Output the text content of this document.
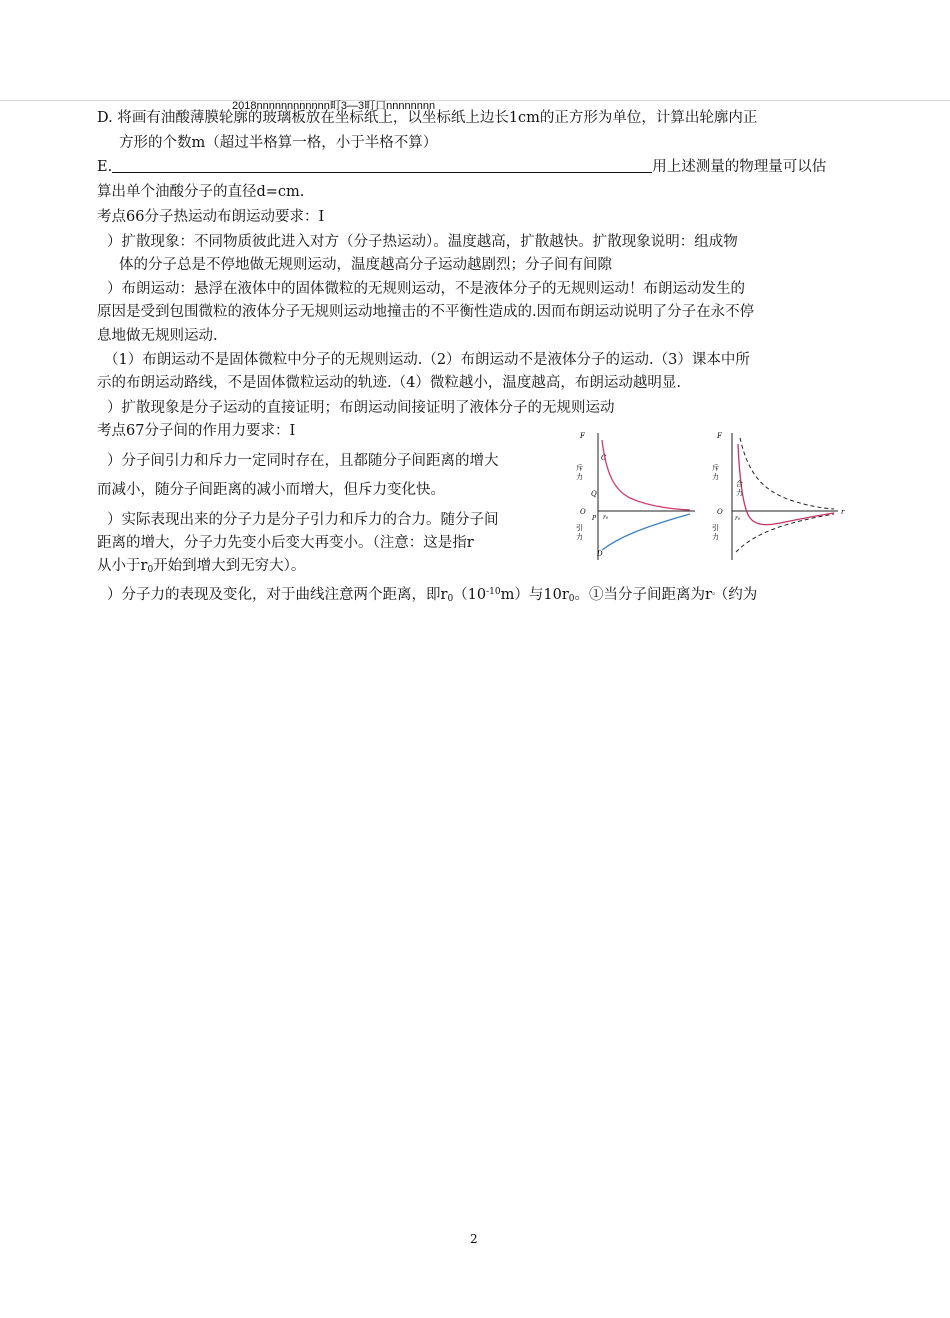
2018nnnnnnnnnnnn町3—3町口nnnnnnnn
D. 将画有油酸薄膜轮廓的玻璃板放在坐标纸上，以坐标纸上边长1cm的正方形为单位，计算出轮廓内正
方形的个数m（超过半格算一格，小于半格不算）
E.	用上述测量的物理量可以估
算出单个油酸分子的直径d=cm.
考点66分子热运动布朗运动要求：I
）扩散现象：不同物质彼此进入对方（分子热运动）。温度越高，扩散越快。扩散现象说明：组成物
体的分子总是不停地做无规则运动，温度越高分子运动越剧烈；分子间有间隙
）布朗运动：悬浮在液体中的固体微粒的无规则运动，不是液体分子的无规则运动！布朗运动发生的
原因是受到包围微粒的液体分子无规则运动地撞击的不平衡性造成的.因而布朗运动说明了分子在永不停
息地做无规则运动.
（1）布朗运动不是固体微粒中分子的无规则运动.（2）布朗运动不是液体分子的运动.（3）课本中所
示的布朗运动路线，不是固体微粒运动的轨迹.（4）微粒越小，温度越高，布朗运动越明显.
）扩散现象是分子运动的直接证明；布朗运动间接证明了液体分子的无规则运动
考点67分子间的作用力要求：I
）分子间引力和斥力一定同时存在，且都随分子间距离的增大
而减小，随分子间距离的减小而增大，但斥力变化快。
）实际表现出来的分子力是分子引力和斥力的合力。随分子间
距离的增大，分子力先变小后变大再变小。（注意：这是指r
从小于$r_0$开始到增大到无穷大）。
）分子力的表现及变化，对于曲线注意两个距离，即$r_0(10^{-10}m)$与$10r_0$。①当分子间距离为r。（约为
F
斥
力
C
Q
O
P r₀
引
力
D
F
斥
力
合
力
O
r₀
r
引
力
2
